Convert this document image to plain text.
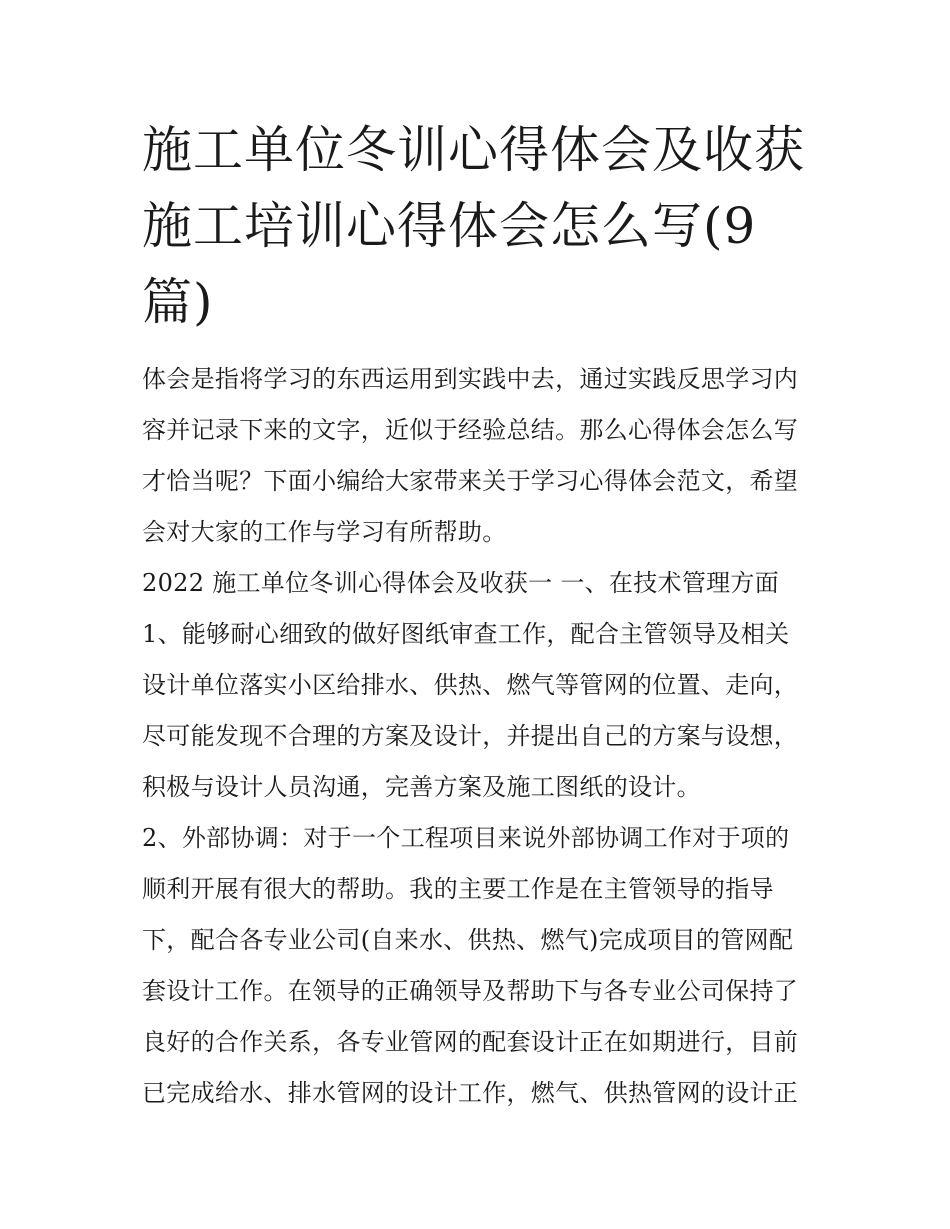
施工单位冬训心得体会及收获
施工培训心得体会怎么写(9
篇)
体会是指将学习的东西运用到实践中去，通过实践反思学习内
容并记录下来的文字，近似于经验总结。那么心得体会怎么写
才恰当呢？下面小编给大家带来关于学习心得体会范文，希望
会对大家的工作与学习有所帮助。
2022 施工单位冬训心得体会及收获一 一、在技术管理方面
1、能够耐心细致的做好图纸审查工作，配合主管领导及相关
设计单位落实小区给排水、供热、燃气等管网的位置、走向，
尽可能发现不合理的方案及设计，并提出自己的方案与设想，
积极与设计人员沟通，完善方案及施工图纸的设计。
2、外部协调：对于一个工程项目来说外部协调工作对于项的
顺利开展有很大的帮助。我的主要工作是在主管领导的指导
下，配合各专业公司(自来水、供热、燃气)完成项目的管网配
套设计工作。在领导的正确领导及帮助下与各专业公司保持了
良好的合作关系，各专业管网的配套设计正在如期进行，目前
已完成给水、排水管网的设计工作，燃气、供热管网的设计正
